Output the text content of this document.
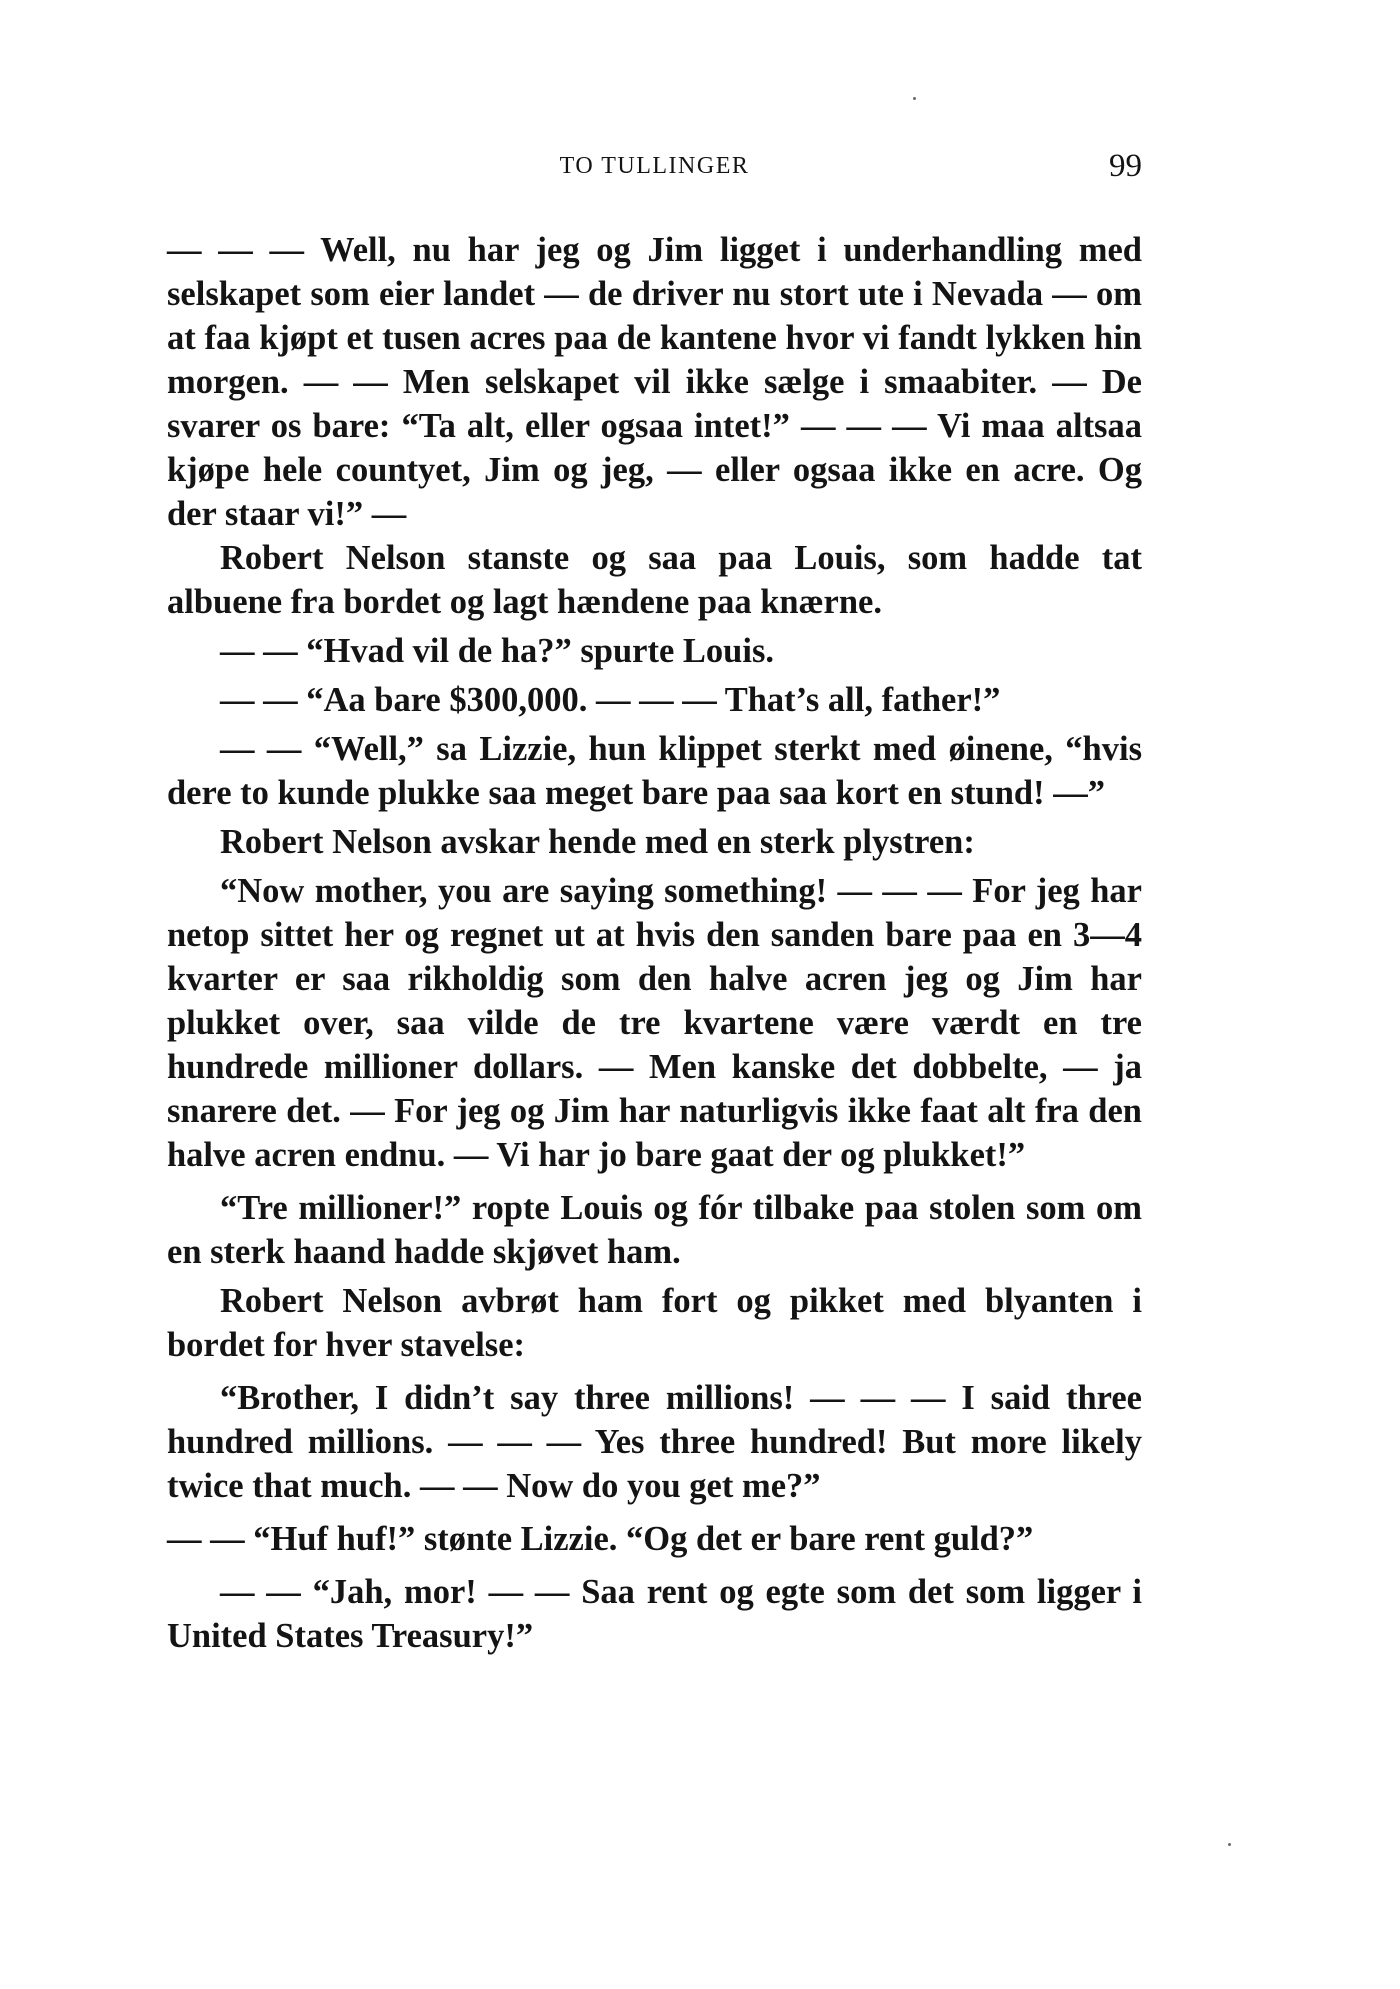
TO TULLINGER	99

— — — Well, nu har jeg og Jim ligget i underhandling med selskapet som eier landet — de driver nu stort ute i Nevada — om at faa kjøpt et tusen acres paa de kantene hvor vi fandt lykken hin morgen. — — Men selskapet vil ikke sælge i smaabiter. — De svarer os bare: “Ta alt, eller ogsaa intet!” — — — Vi maa altsaa kjøpe hele countyet, Jim og jeg, — eller ogsaa ikke en acre. Og der staar vi!” —

Robert Nelson stanste og saa paa Louis, som hadde tat albuene fra bordet og lagt hændene paa knærne.

— — “Hvad vil de ha?” spurte Louis.

— — “Aa bare $300,000. — — — That’s all, father!”

— — “Well,” sa Lizzie, hun klippet sterkt med øinene, “hvis dere to kunde plukke saa meget bare paa saa kort en stund! —”

Robert Nelson avskar hende med en sterk plystren:

“Now mother, you are saying something! — — — For jeg har netop sittet her og regnet ut at hvis den sanden bare paa en 3—4 kvarter er saa rikholdig som den halve acren jeg og Jim har plukket over, saa vilde de tre kvartene være værdt en tre hundrede millioner dollars. — Men kanske det dobbelte, — ja snarere det. — For jeg og Jim har naturligvis ikke faat alt fra den halve acren endnu. — Vi har jo bare gaat der og plukket!”

“Tre millioner!” ropte Louis og fór tilbake paa stolen som om en sterk haand hadde skjøvet ham.

Robert Nelson avbrøt ham fort og pikket med blyanten i bordet for hver stavelse:

“Brother, I didn’t say three millions! — — — I said three hundred millions. — — — Yes three hundred! But more likely twice that much. — — Now do you get me?”

— — “Huf huf!” stønte Lizzie. “Og det er bare rent guld?”

— — “Jah, mor! — — Saa rent og egte som det som ligger i United States Treasury!”
